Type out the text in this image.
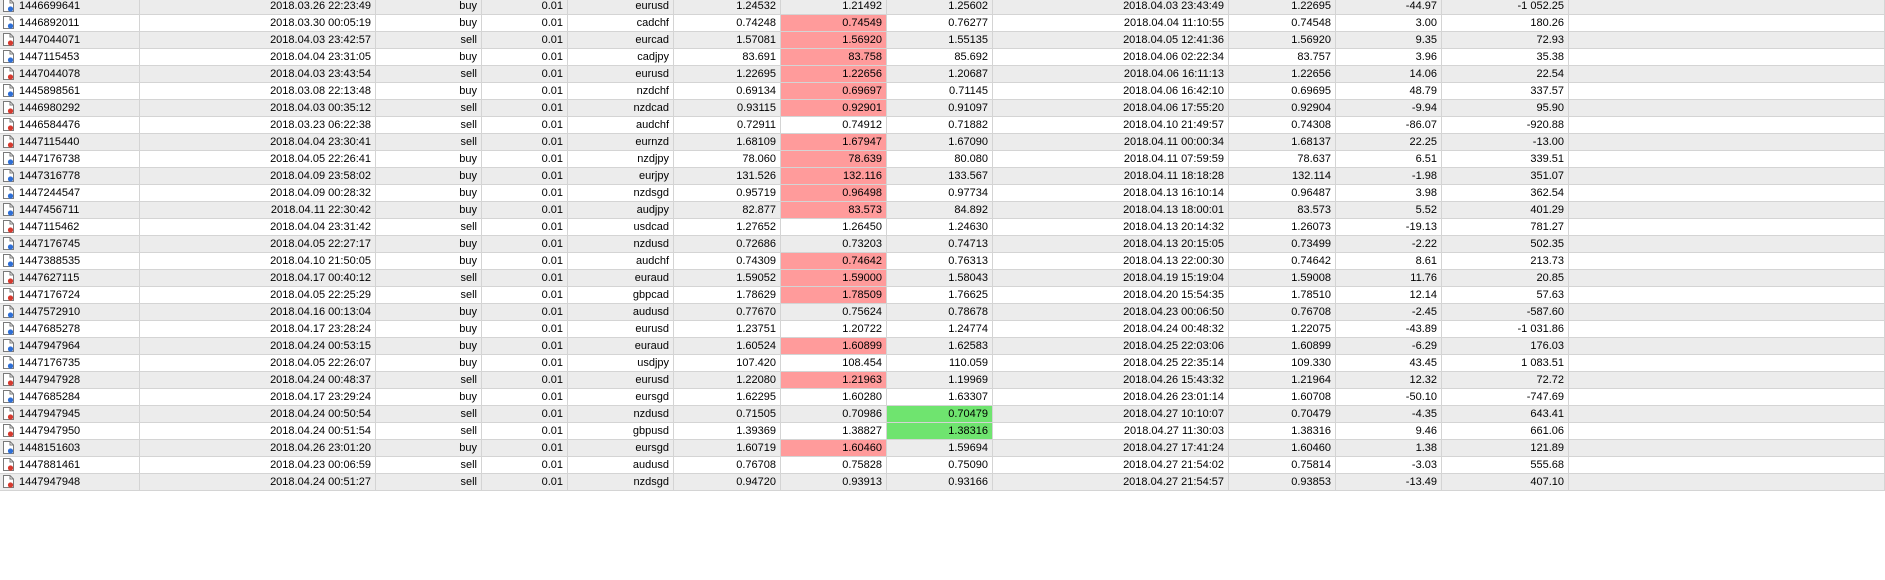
1446699641	2018.03.26 22:23:49	buy	0.01	eurusd	1.24532	1.21492	1.25602	2018.04.03 23:43:49	1.22695	-44.97	-1 052.25
1446892011	2018.03.30 00:05:19	buy	0.01	cadchf	0.74248	0.74549	0.76277	2018.04.04 11:10:55	0.74548	3.00	180.26
1447044071	2018.04.03 23:42:57	sell	0.01	eurcad	1.57081	1.56920	1.55135	2018.04.05 12:41:36	1.56920	9.35	72.93
1447115453	2018.04.04 23:31:05	buy	0.01	cadjpy	83.691	83.758	85.692	2018.04.06 02:22:34	83.757	3.96	35.38
1447044078	2018.04.03 23:43:54	sell	0.01	eurusd	1.22695	1.22656	1.20687	2018.04.06 16:11:13	1.22656	14.06	22.54
1445898561	2018.03.08 22:13:48	buy	0.01	nzdchf	0.69134	0.69697	0.71145	2018.04.06 16:42:10	0.69695	48.79	337.57
1446980292	2018.04.03 00:35:12	sell	0.01	nzdcad	0.93115	0.92901	0.91097	2018.04.06 17:55:20	0.92904	-9.94	95.90
1446584476	2018.03.23 06:22:38	sell	0.01	audchf	0.72911	0.74912	0.71882	2018.04.10 21:49:57	0.74308	-86.07	-920.88
1447115440	2018.04.04 23:30:41	sell	0.01	eurnzd	1.68109	1.67947	1.67090	2018.04.11 00:00:34	1.68137	22.25	-13.00
1447176738	2018.04.05 22:26:41	buy	0.01	nzdjpy	78.060	78.639	80.080	2018.04.11 07:59:59	78.637	6.51	339.51
1447316778	2018.04.09 23:58:02	buy	0.01	eurjpy	131.526	132.116	133.567	2018.04.11 18:18:28	132.114	-1.98	351.07
1447244547	2018.04.09 00:28:32	buy	0.01	nzdsgd	0.95719	0.96498	0.97734	2018.04.13 16:10:14	0.96487	3.98	362.54
1447456711	2018.04.11 22:30:42	buy	0.01	audjpy	82.877	83.573	84.892	2018.04.13 18:00:01	83.573	5.52	401.29
1447115462	2018.04.04 23:31:42	sell	0.01	usdcad	1.27652	1.26450	1.24630	2018.04.13 20:14:32	1.26073	-19.13	781.27
1447176745	2018.04.05 22:27:17	buy	0.01	nzdusd	0.72686	0.73203	0.74713	2018.04.13 20:15:05	0.73499	-2.22	502.35
1447388535	2018.04.10 21:50:05	buy	0.01	audchf	0.74309	0.74642	0.76313	2018.04.13 22:00:30	0.74642	8.61	213.73
1447627115	2018.04.17 00:40:12	sell	0.01	euraud	1.59052	1.59000	1.58043	2018.04.19 15:19:04	1.59008	11.76	20.85
1447176724	2018.04.05 22:25:29	sell	0.01	gbpcad	1.78629	1.78509	1.76625	2018.04.20 15:54:35	1.78510	12.14	57.63
1447572910	2018.04.16 00:13:04	buy	0.01	audusd	0.77670	0.75624	0.78678	2018.04.23 00:06:50	0.76708	-2.45	-587.60
1447685278	2018.04.17 23:28:24	buy	0.01	eurusd	1.23751	1.20722	1.24774	2018.04.24 00:48:32	1.22075	-43.89	-1 031.86
1447947964	2018.04.24 00:53:15	buy	0.01	euraud	1.60524	1.60899	1.62583	2018.04.25 22:03:06	1.60899	-6.29	176.03
1447176735	2018.04.05 22:26:07	buy	0.01	usdjpy	107.420	108.454	110.059	2018.04.25 22:35:14	109.330	43.45	1 083.51
1447947928	2018.04.24 00:48:37	sell	0.01	eurusd	1.22080	1.21963	1.19969	2018.04.26 15:43:32	1.21964	12.32	72.72
1447685284	2018.04.17 23:29:24	buy	0.01	eursgd	1.62295	1.60280	1.63307	2018.04.26 23:01:14	1.60708	-50.10	-747.69
1447947945	2018.04.24 00:50:54	sell	0.01	nzdusd	0.71505	0.70986	0.70479	2018.04.27 10:10:07	0.70479	-4.35	643.41
1447947950	2018.04.24 00:51:54	sell	0.01	gbpusd	1.39369	1.38827	1.38316	2018.04.27 11:30:03	1.38316	9.46	661.06
1448151603	2018.04.26 23:01:20	buy	0.01	eursgd	1.60719	1.60460	1.59694	2018.04.27 17:41:24	1.60460	1.38	121.89
1447881461	2018.04.23 00:06:59	sell	0.01	audusd	0.76708	0.75828	0.75090	2018.04.27 21:54:02	0.75814	-3.03	555.68
1447947948	2018.04.24 00:51:27	sell	0.01	nzdsgd	0.94720	0.93913	0.93166	2018.04.27 21:54:57	0.93853	-13.49	407.10
